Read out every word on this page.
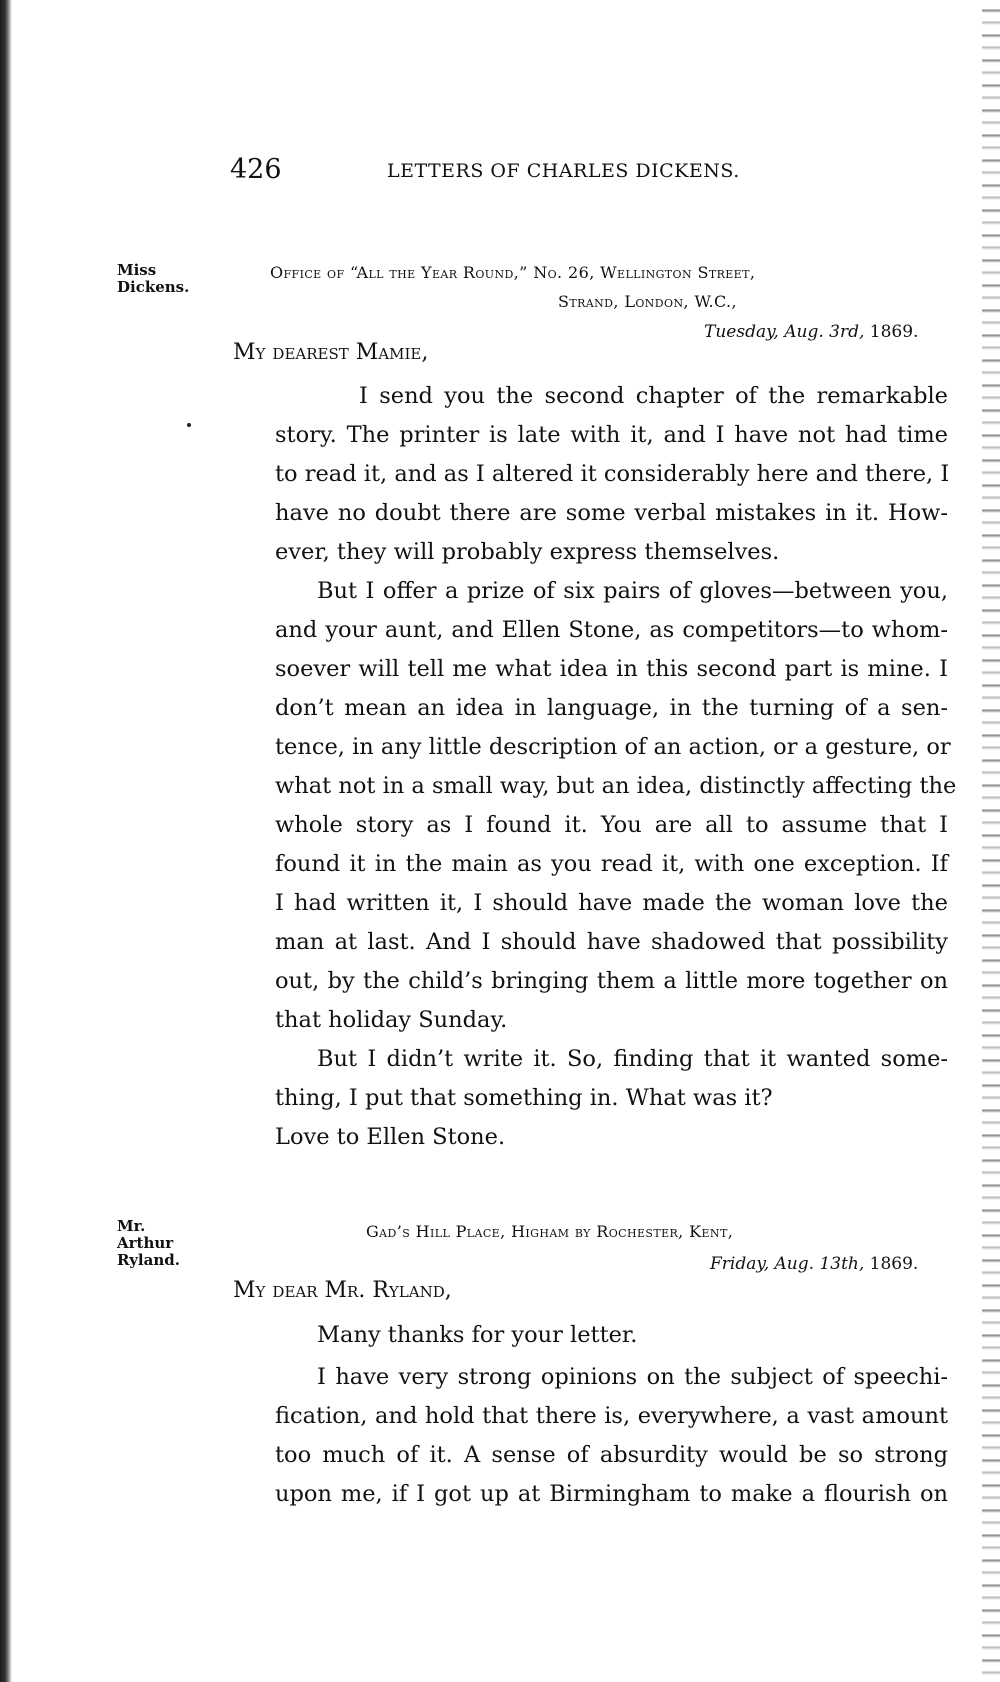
426	LETTERS OF CHARLES DICKENS.
Miss
Dickens.
Office of “All the Year Round,” No. 26, Wellington Street,
Strand, London, W.C.,
Tuesday, Aug. 3rd, 1869.
My dearest Mamie,

I send you the second chapter of the remarkable
story. The printer is late with it, and I have not had time
to read it, and as I altered it considerably here and there, I
have no doubt there are some verbal mistakes in it. How-
ever, they will probably express themselves.

But I offer a prize of six pairs of gloves—between you,
and your aunt, and Ellen Stone, as competitors—to whom-
soever will tell me what idea in this second part is mine. I
don’t mean an idea in language, in the turning of a sen-
tence, in any little description of an action, or a gesture, or
what not in a small way, but an idea, distinctly affecting the
whole story as I found it. You are all to assume that I
found it in the main as you read it, with one exception. If
I had written it, I should have made the woman love the
man at last. And I should have shadowed that possibility
out, by the child’s bringing them a little more together on
that holiday Sunday.

But I didn’t write it. So, finding that it wanted some-
thing, I put that something in. What was it?

Love to Ellen Stone.

Mr.
Arthur
Ryland.
Gad’s Hill Place, Higham by Rochester, Kent,
Friday, Aug. 13th, 1869.
My dear Mr. Ryland,

Many thanks for your letter.

I have very strong opinions on the subject of speechi-
fication, and hold that there is, everywhere, a vast amount
too much of it. A sense of absurdity would be so strong
upon me, if I got up at Birmingham to make a flourish on
